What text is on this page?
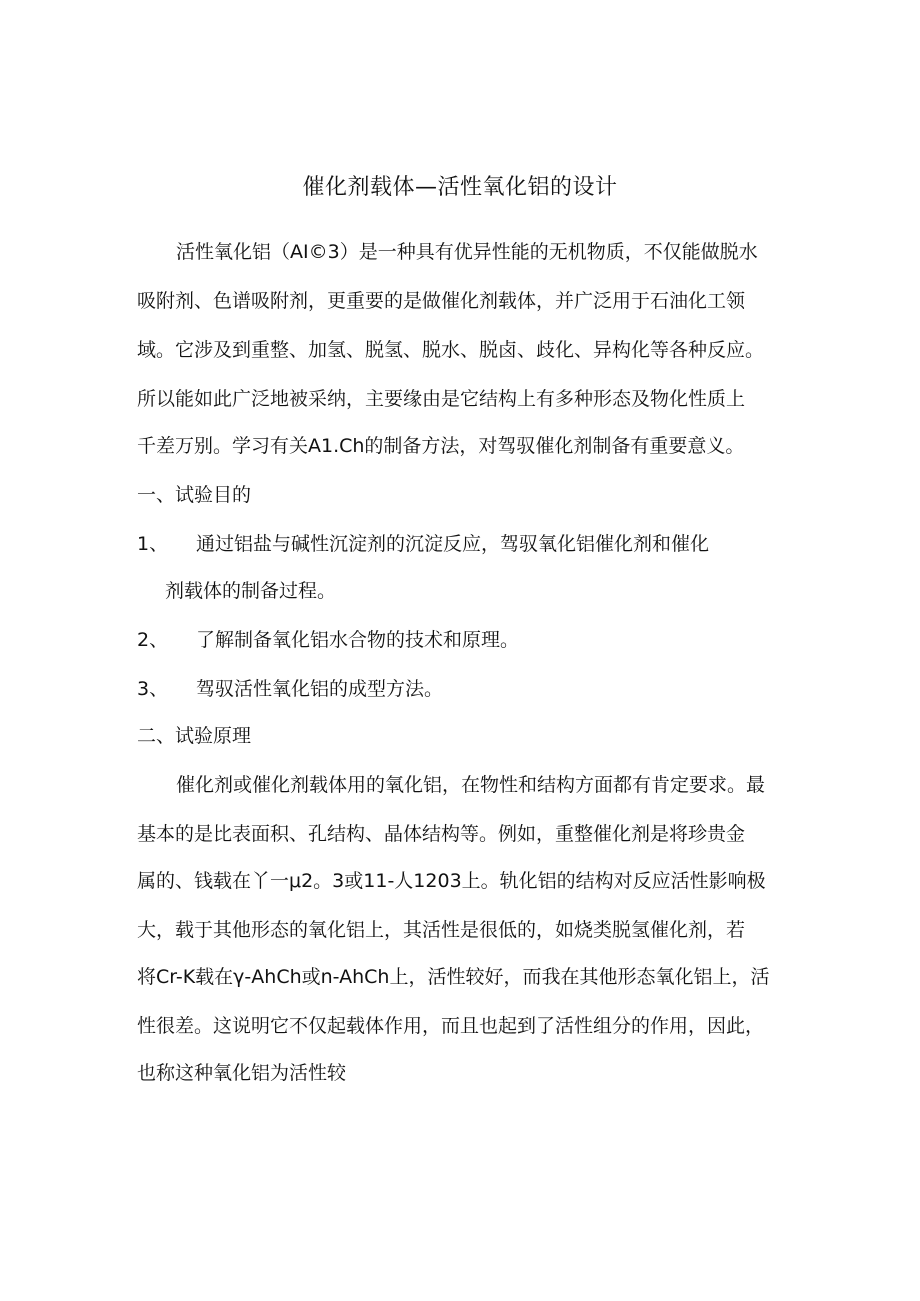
催化剂载体—活性氧化铝的设计
活性氧化铝（AI©3）是一种具有优异性能的无机物质，不仅能做脱水
吸附剂、色谱吸附剂，更重要的是做催化剂载体，并广泛用于石油化工领
域。它涉及到重整、加氢、脱氢、脱水、脱卤、歧化、异构化等各种反应。
所以能如此广泛地被采纳，主要缘由是它结构上有多种形态及物化性质上
千差万别。学习有关A1.Ch的制备方法，对驾驭催化剂制备有重要意义。
一、试验目的
1、 通过铝盐与碱性沉淀剂的沉淀反应，驾驭氧化铝催化剂和催化
剂载体的制备过程。
2、 了解制备氧化铝水合物的技术和原理。
3、 驾驭活性氧化铝的成型方法。
二、试验原理
催化剂或催化剂载体用的氧化铝，在物性和结构方面都有肯定要求。最
基本的是比表面积、孔结构、晶体结构等。例如，重整催化剂是将珍贵金
属的、钱载在丫一μ2。3或11-人1203上。轨化铝的结构对反应活性影响极
大，载于其他形态的氧化铝上，其活性是很低的，如烧类脱氢催化剂，若
将Cr-K载在γ-AhCh或n-AhCh上，活性较好，而我在其他形态氧化铝上，活
性很差。这说明它不仅起载体作用，而且也起到了活性组分的作用，因此，
也称这种氧化铝为活性较
